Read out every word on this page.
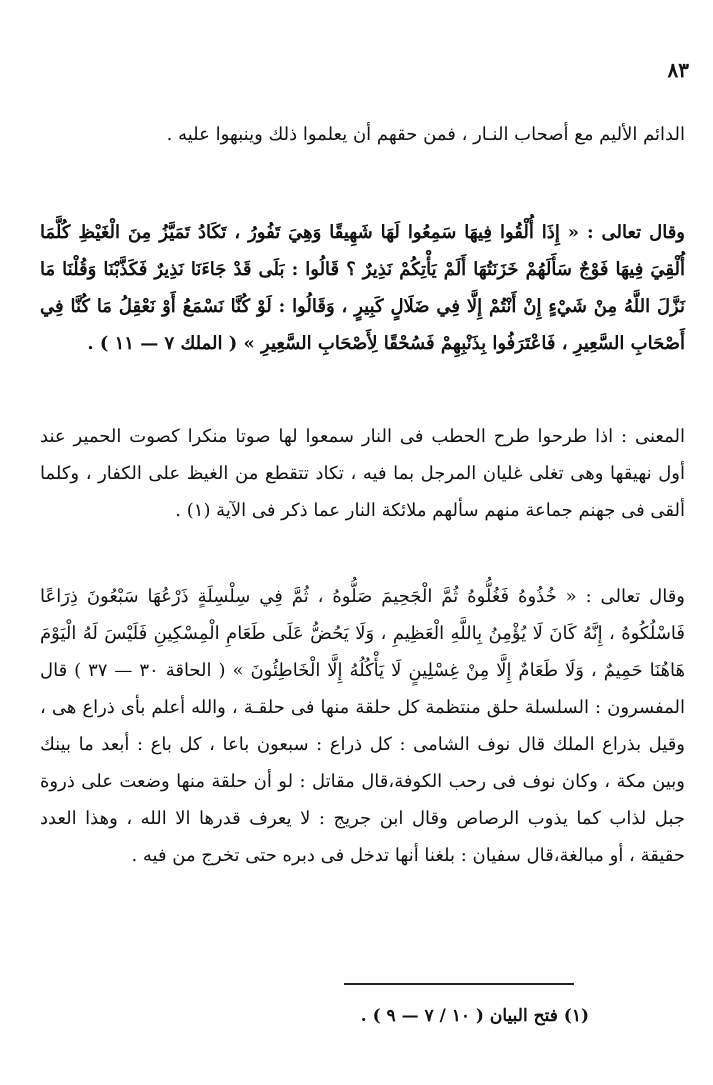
٨٣

الدائم الأليم مع أصحاب النـار ، فمن حقهم أن يعلموا ذلك وينبهوا عليه .

وقال تعالى : « إِذَا أُلْقُوا فِيهَا سَمِعُوا لَهَا شَهِيقًا وَهِيَ تَفُورُ ، تَكَادُ تَمَيَّزُ مِنَ الْغَيْظِ كُلَّمَا أُلْقِيَ فِيهَا فَوْجٌ سَأَلَهُمْ خَزَنَتُهَا أَلَمْ يَأْتِكُمْ نَذِيرٌ ؟ قَالُوا : بَلَى قَدْ جَاءَنَا نَذِيرٌ فَكَذَّبْنَا وَقُلْنَا مَا نَزَّلَ اللَّهُ مِنْ شَيْءٍ إِنْ أَنْتُمْ إِلَّا فِي ضَلَالٍ كَبِيرٍ ، وَقَالُوا : لَوْ كُنَّا نَسْمَعُ أَوْ نَعْقِلُ مَا كُنَّا فِي أَصْحَابِ السَّعِيرِ ، فَاعْتَرَفُوا بِذَنْبِهِمْ فَسُحْقًا لِأَصْحَابِ السَّعِيرِ » ( الملك ٧ — ١١ ) .

المعنى : اذا طرحوا طرح الحطب فى النار سمعوا لها صوتا منكرا كصوت الحمير عند أول نهيقها وهى تغلى غليان المرجل بما فيه ، تكاد تتقطع من الغيظ على الكفار ، وكلما ألقى فى جهنم جماعة منهم سألهم ملائكة النار عما ذكر فى الآية (١) .

وقال تعالى : « خُذُوهُ فَغُلُّوهُ ثُمَّ الْجَحِيمَ صَلُّوهُ ، ثُمَّ فِي سِلْسِلَةٍ ذَرْعُهَا سَبْعُونَ ذِرَاعًا فَاسْلُكُوهُ ، إِنَّهُ كَانَ لَا يُؤْمِنُ بِاللَّهِ الْعَظِيمِ ، وَلَا يَحُضُّ عَلَى طَعَامِ الْمِسْكِينِ فَلَيْسَ لَهُ الْيَوْمَ هَاهُنَا حَمِيمٌ ، وَلَا طَعَامٌ إِلَّا مِنْ غِسْلِينٍ لَا يَأْكُلُهُ إِلَّا الْخَاطِئُونَ » ( الحاقة ٣٠ — ٣٧ ) قال المفسرون : السلسلة حلق منتظمة كل حلقة منها فى حلقـة ، والله أعلم بأى ذراع هى ، وقيل بذراع الملك قال نوف الشامى : كل ذراع : سبعون باعا ، كل باع : أبعد ما بينك وبين مكة ، وكان نوف فى رحب الكوفة،قال مقاتل : لو أن حلقة منها وضعت على ذروة جبل لذاب كما يذوب الرصاص وقال ابن جريج : لا يعرف قدرها الا الله ، وهذا العدد حقيقة ، أو مبالغة،قال سفيان : بلغنا أنها تدخل فى دبره حتى تخرج من فيه .

(١) فتح البيان ( ١٠ / ٧ — ٩ ) .
